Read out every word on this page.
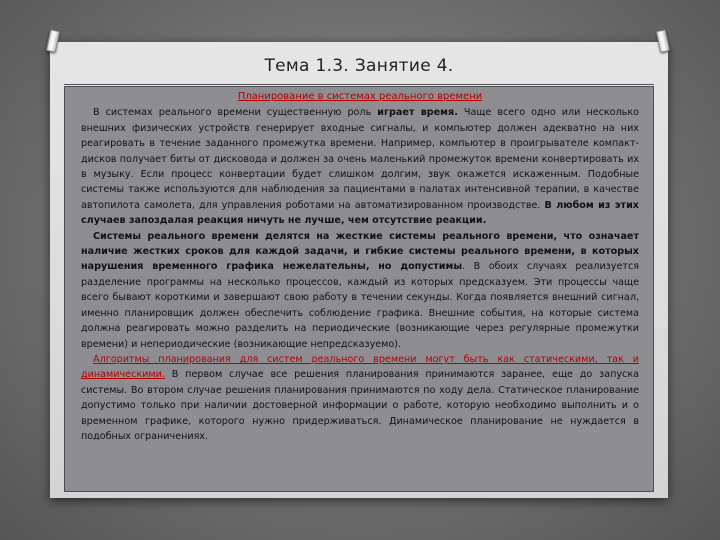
Тема 1.3. Занятие 4.
Планирование в системах реального времени

В системах реального времени существенную роль играет время. Чаще всего одно или несколько внешних физических устройств генерирует входные сигналы, и компьютер должен адекватно на них реагировать в течение заданного промежутка времени. Например, компьютер в проигрывателе компакт-дисков получает биты от дисковода и должен за очень маленький промежуток времени конвертировать их в музыку. Если процесс конвертации будет слишком долгим, звук окажется искаженным. Подобные системы также используются для наблюдения за пациентами в палатах интенсивной терапии, в качестве автопилота самолета, для управления роботами на автоматизированном производстве. В любом из этих случаев запоздалая реакция ничуть не лучше, чем отсутствие реакции.

Системы реального времени делятся на жесткие системы реального времени, что означает наличие жестких сроков для каждой задачи, и гибкие системы реального времени, в которых нарушения временного графика нежелательны, но допустимы. В обоих случаях реализуется разделение программы на несколько процессов, каждый из которых предсказуем. Эти процессы чаще всего бывают короткими и завершают свою работу в течении секунды. Когда появляется внешний сигнал, именно планировщик должен обеспечить соблюдение графика. Внешние события, на которые система должна реагировать можно разделить на периодические (возникающие через регулярные промежутки времени) и непериодические (возникающие непредсказуемо).

Алгоритмы планирования для систем реального времени могут быть как статическими, так и динамическими. В первом случае все решения планирования принимаются заранее, еще до запуска системы. Во втором случае решения планирования принимаются по ходу дела. Статическое планирование допустимо только при наличии достоверной информации о работе, которую необходимо выполнить и о временном графике, которого нужно придерживаться. Динамическое планирование не нуждается в подобных ограничениях.
